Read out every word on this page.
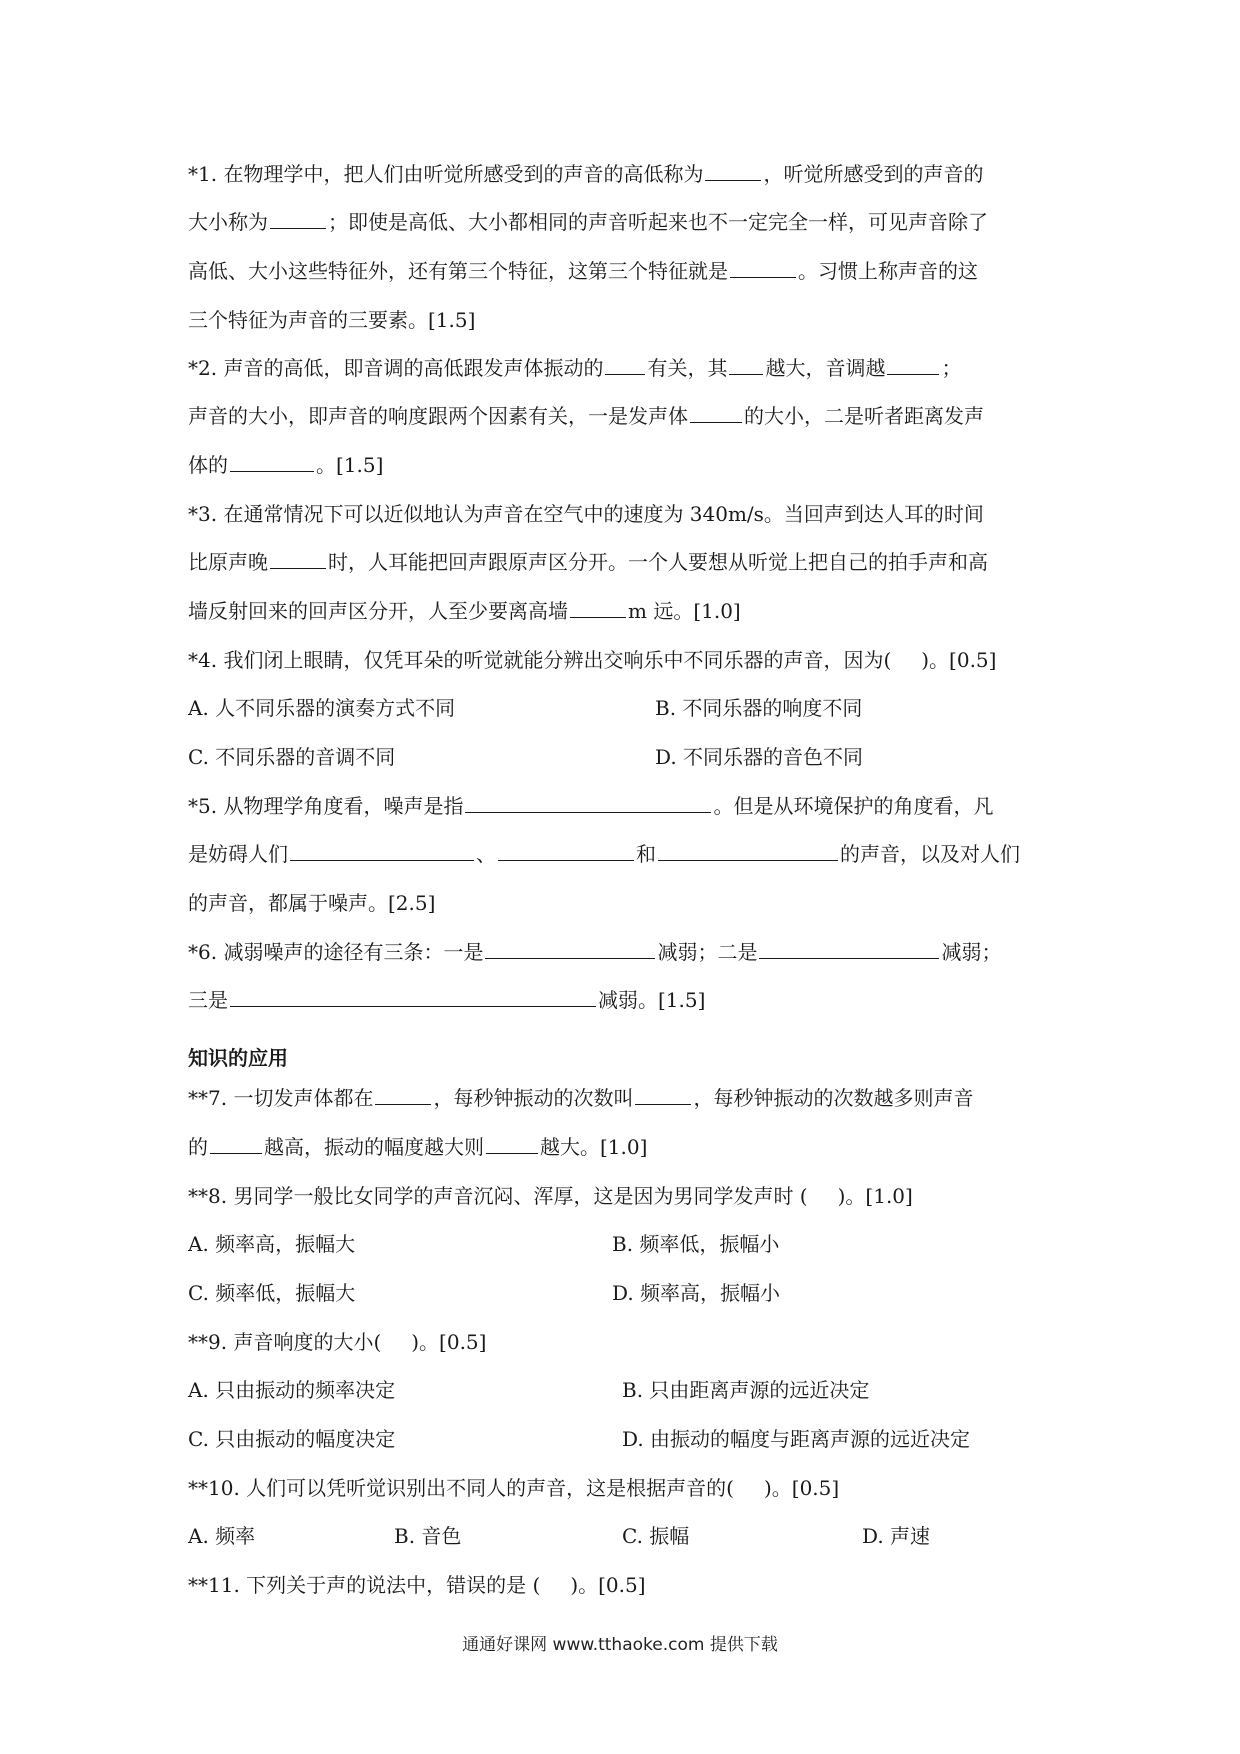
*1. 在物理学中，把人们由听觉所感受到的声音的高低称为	，听觉所感受到的声音的
大小称为	；即使是高低、大小都相同的声音听起来也不一定完全一样，可见声音除了
高低、大小这些特征外，还有第三个特征，这第三个特征就是	。习惯上称声音的这
三个特征为声音的三要素。[1.5]
*2. 声音的高低，即音调的高低跟发声体振动的 有关，其 越大，音调越	；
声音的大小，即声音的响度跟两个因素有关，一是发声体	的大小，二是听者距离发声
体的	。[1.5]
*3. 在通常情况下可以近似地认为声音在空气中的速度为 340m/s。当回声到达人耳的时间
比原声晚	时，人耳能把回声跟原声区分开。一个人要想从听觉上把自己的拍手声和高
墙反射回来的回声区分开，人至少要离高墙	m 远。[1.0]
*4. 我们闭上眼睛，仅凭耳朵的听觉就能分辨出交响乐中不同乐器的声音，因为( )。[0.5]
A. 人不同乐器的演奏方式不同	B. 不同乐器的响度不同
C. 不同乐器的音调不同	D. 不同乐器的音色不同
*5. 从物理学角度看，噪声是指	。但是从环境保护的角度看，凡
是妨碍人们	、	和	的声音，以及对人们
的声音，都属于噪声。[2.5]
*6. 减弱噪声的途径有三条：一是	减弱；二是	减弱；
三是	减弱。[1.5]
知识的应用
**7. 一切发声体都在	，每秒钟振动的次数叫	，每秒钟振动的次数越多则声音
的	越高，振动的幅度越大则	越大。[1.0]
**8. 男同学一般比女同学的声音沉闷、浑厚，这是因为男同学发声时 ( )。[1.0]
A. 频率高，振幅大	B. 频率低，振幅小
C. 频率低，振幅大	D. 频率高，振幅小
**9. 声音响度的大小( )。[0.5]
A. 只由振动的频率决定	B. 只由距离声源的远近决定
C. 只由振动的幅度决定	D. 由振动的幅度与距离声源的远近决定
**10. 人们可以凭听觉识别出不同人的声音，这是根据声音的( )。[0.5]
A. 频率	B. 音色	C. 振幅	D. 声速
**11. 下列关于声的说法中，错误的是 ( )。[0.5]
通通好课网 www.tthaoke.com 提供下载
